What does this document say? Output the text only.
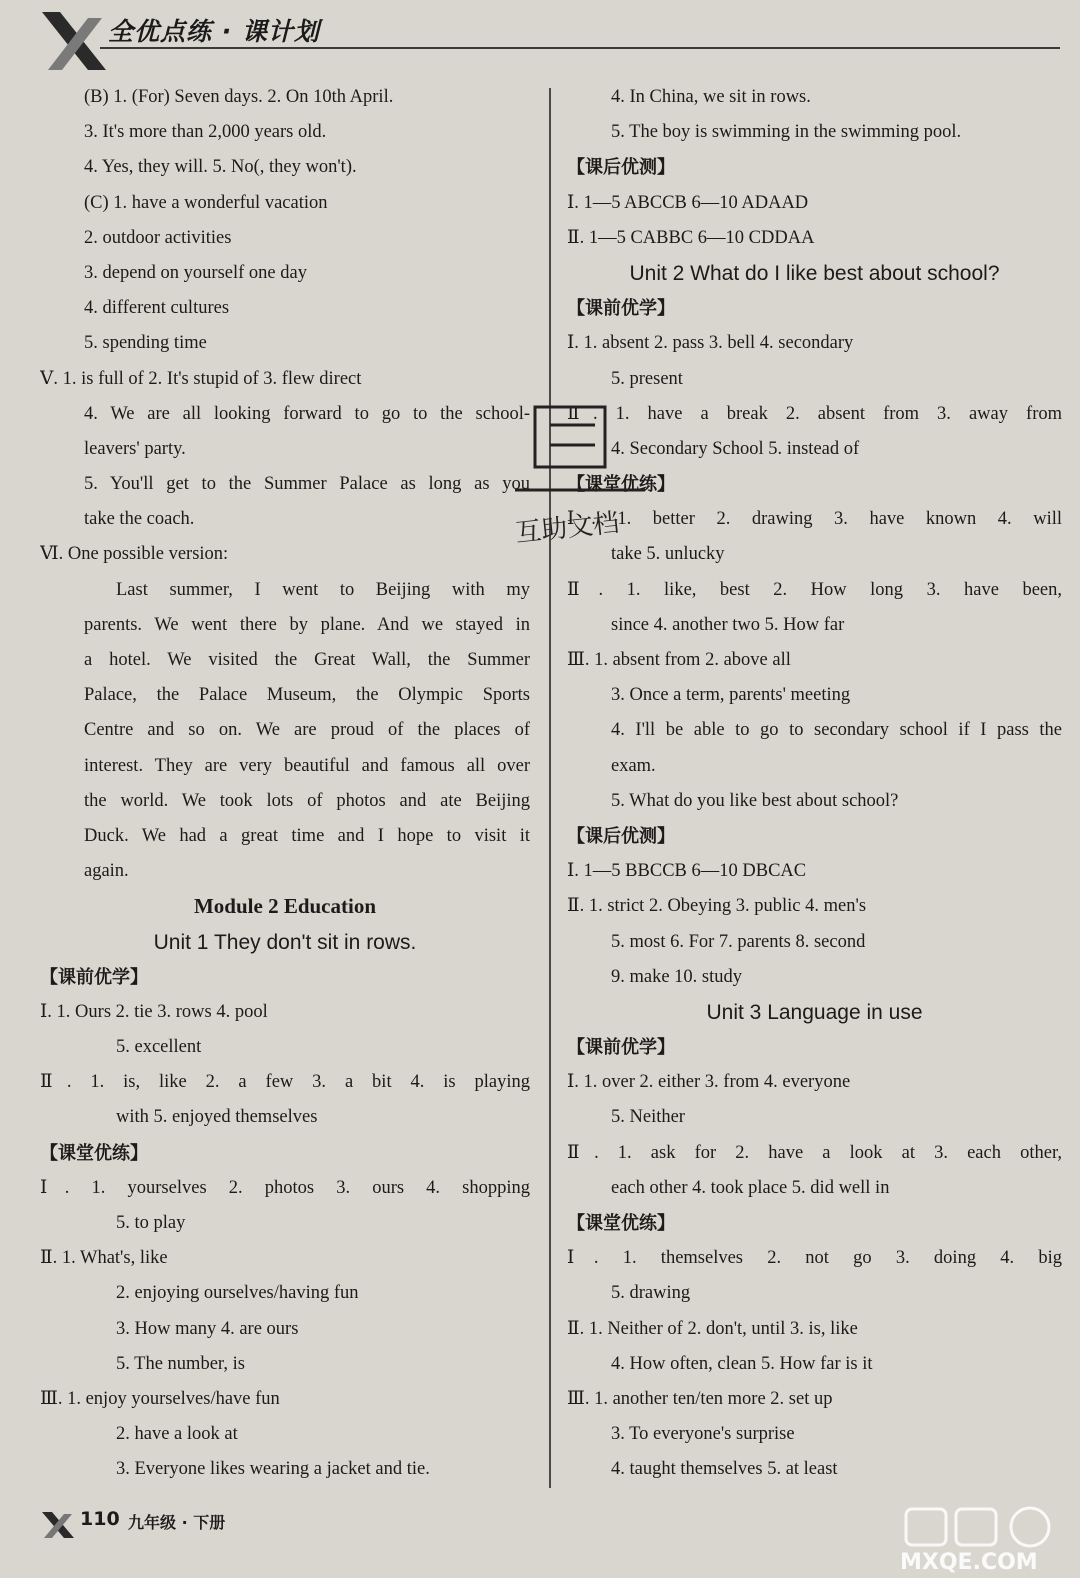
全优点练 · 课计划
(B) 1. (For) Seven days. 2. On 10th April.
3. It's more than 2,000 years old.
4. Yes, they will. 5. No(, they won't).
(C) 1. have a wonderful vacation
2. outdoor activities
3. depend on yourself one day
4. different cultures
5. spending time
Ⅴ. 1. is full of 2. It's stupid of 3. flew direct
4. We are all looking forward to go to the school-
leavers' party.
5. You'll get to the Summer Palace as long as you
take the coach.
Ⅵ. One possible version:
Last summer, I went to Beijing with my
parents. We went there by plane. And we stayed in
a hotel. We visited the Great Wall, the Summer
Palace, the Palace Museum, the Olympic Sports
Centre and so on. We are proud of the places of
interest. They are very beautiful and famous all over
the world. We took lots of photos and ate Beijing
Duck. We had a great time and I hope to visit it
again.
Module 2 Education
Unit 1 They don't sit in rows.
【课前优学】
Ⅰ. 1. Ours 2. tie 3. rows 4. pool
5. excellent
Ⅱ. 1. is, like 2. a few 3. a bit 4. is playing
with 5. enjoyed themselves
【课堂优练】
Ⅰ. 1. yourselves 2. photos 3. ours 4. shopping
5. to play
Ⅱ. 1. What's, like
2. enjoying ourselves/having fun
3. How many 4. are ours
5. The number, is
Ⅲ. 1. enjoy yourselves/have fun
2. have a look at
3. Everyone likes wearing a jacket and tie.
4. In China, we sit in rows.
5. The boy is swimming in the swimming pool.
【课后优测】
Ⅰ. 1—5 ABCCB 6—10 ADAAD
Ⅱ. 1—5 CABBC 6—10 CDDAA
Unit 2 What do I like best about school?
【课前优学】
Ⅰ. 1. absent 2. pass 3. bell 4. secondary
5. present
Ⅱ. 1. have a break 2. absent from 3. away from
4. Secondary School 5. instead of
【课堂优练】
Ⅰ. 1. better 2. drawing 3. have known 4. will
take 5. unlucky
Ⅱ. 1. like, best 2. How long 3. have been,
since 4. another two 5. How far
Ⅲ. 1. absent from 2. above all
3. Once a term, parents' meeting
4. I'll be able to go to secondary school if I pass the
exam.
5. What do you like best about school?
【课后优测】
Ⅰ. 1—5 BBCCB 6—10 DBCAC
Ⅱ. 1. strict 2. Obeying 3. public 4. men's
5. most 6. For 7. parents 8. second
9. make 10. study
Unit 3 Language in use
【课前优学】
Ⅰ. 1. over 2. either 3. from 4. everyone
5. Neither
Ⅱ. 1. ask for 2. have a look at 3. each other,
each other 4. took place 5. did well in
【课堂优练】
Ⅰ. 1. themselves 2. not go 3. doing 4. big
5. drawing
Ⅱ. 1. Neither of 2. don't, until 3. is, like
4. How often, clean 5. How far is it
Ⅲ. 1. another ten/ten more 2. set up
3. To everyone's surprise
4. taught themselves 5. at least
互助文档
110 九年级 · 下册
MXQE.COM
